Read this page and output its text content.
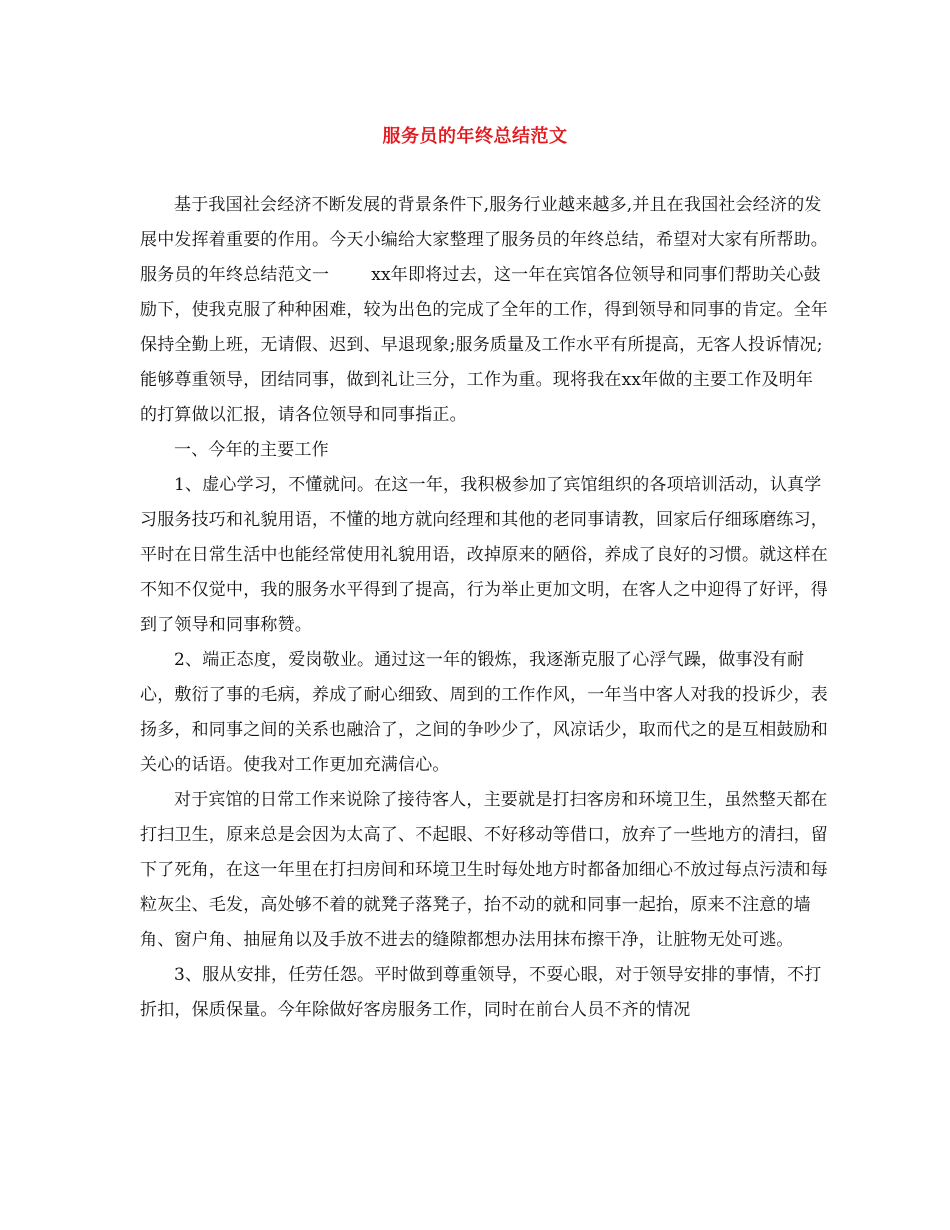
服务员的年终总结范文

基于我国社会经济不断发展的背景条件下,服务行业越来越多,并且在我国社会经济的发展中发挥着重要的作用。今天小编给大家整理了服务员的年终总结，希望对大家有所帮助。

服务员的年终总结范文一 xx年即将过去，这一年在宾馆各位领导和同事们帮助关心鼓励下，使我克服了种种困难，较为出色的完成了全年的工作，得到领导和同事的肯定。全年保持全勤上班，无请假、迟到、早退现象;服务质量及工作水平有所提高，无客人投诉情况;能够尊重领导，团结同事，做到礼让三分，工作为重。现将我在xx年做的主要工作及明年的打算做以汇报，请各位领导和同事指正。

一、今年的主要工作

1、虚心学习，不懂就问。在这一年，我积极参加了宾馆组织的各项培训活动，认真学习服务技巧和礼貌用语，不懂的地方就向经理和其他的老同事请教，回家后仔细琢磨练习，平时在日常生活中也能经常使用礼貌用语，改掉原来的陋俗，养成了良好的习惯。就这样在不知不仅觉中，我的服务水平得到了提高，行为举止更加文明，在客人之中迎得了好评，得到了领导和同事称赞。

2、端正态度，爱岗敬业。通过这一年的锻炼，我逐渐克服了心浮气躁，做事没有耐心，敷衍了事的毛病，养成了耐心细致、周到的工作作风，一年当中客人对我的投诉少，表扬多，和同事之间的关系也融洽了，之间的争吵少了，风凉话少，取而代之的是互相鼓励和关心的话语。使我对工作更加充满信心。

对于宾馆的日常工作来说除了接待客人，主要就是打扫客房和环境卫生，虽然整天都在打扫卫生，原来总是会因为太高了、不起眼、不好移动等借口，放弃了一些地方的清扫，留下了死角，在这一年里在打扫房间和环境卫生时每处地方时都备加细心不放过每点污渍和每粒灰尘、毛发，高处够不着的就凳子落凳子，抬不动的就和同事一起抬，原来不注意的墙角、窗户角、抽屉角以及手放不进去的缝隙都想办法用抹布擦干净，让脏物无处可逃。

3、服从安排，任劳任怨。平时做到尊重领导，不耍心眼，对于领导安排的事情，不打折扣，保质保量。今年除做好客房服务工作，同时在前台人员不齐的情况
